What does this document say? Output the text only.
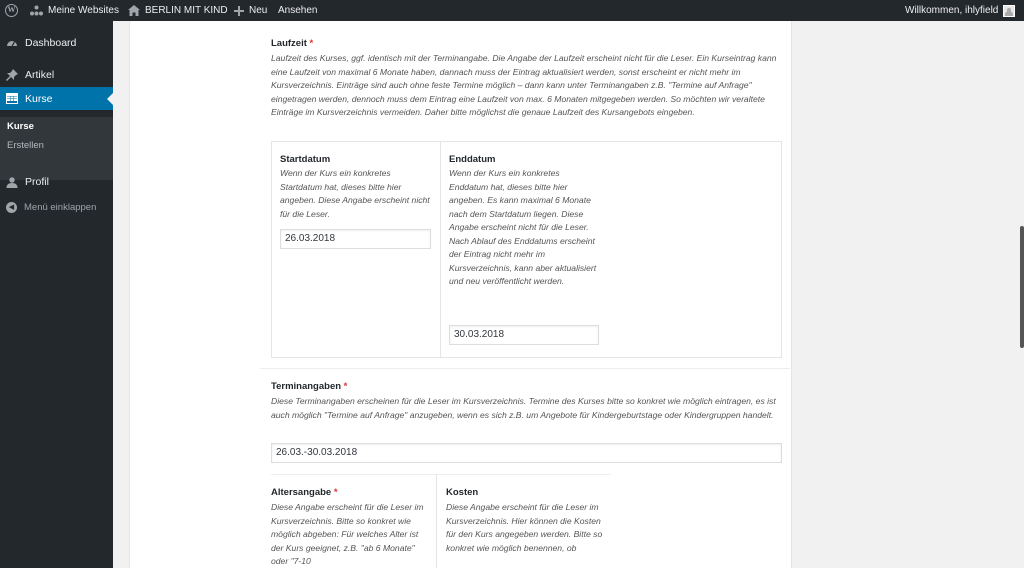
W	Meine Websites	BERLIN MIT KIND Neu Ansehen	Willkommen, ihlyfield
Dashboard
Artikel
Kurse
Kurse
Erstellen
Profil
◀ Menü einklappen
Laufzeit *
Laufzeit des Kurses, ggf. identisch mit der Terminangabe. Die Angabe der Laufzeit erscheint nicht für die Leser. Ein Kurseintrag kann eine Laufzeit von maximal 6 Monate haben, dannach muss der Eintrag aktualisiert werden, sonst erscheint er nicht mehr im Kursverzeichnis. Einträge sind auch ohne feste Termine möglich – dann kann unter Terminangaben z.B. "Termine auf Anfrage" eingetragen werden, dennoch muss dem Eintrag eine Laufzeit von max. 6 Monaten mitgegeben werden. So möchten wir veraltete Einträge im Kursverzeichnis vermeiden. Daher bitte möglichst die genaue Laufzeit des Kursangebots eingeben.
Startdatum
Wenn der Kurs ein konkretes Startdatum hat, dieses bitte hier angeben. Diese Angabe erscheint nicht für die Leser.
26.03.2018
Enddatum
Wenn der Kurs ein konkretes Enddatum hat, dieses bitte hier angeben. Es kann maximal 6 Monate nach dem Startdatum liegen. Diese Angabe erscheint nicht für die Leser. Nach Ablauf des Enddatums erscheint der Eintrag nicht mehr im Kursverzeichnis, kann aber aktualisiert und neu veröffentlicht werden.
30.03.2018
Terminangaben *
Diese Terminangaben erscheinen für die Leser im Kursverzeichnis. Termine des Kurses bitte so konkret wie möglich eintragen, es ist auch möglich "Termine auf Anfrage" anzugeben, wenn es sich z.B. um Angebote für Kindergeburtstage oder Kindergruppen handelt.
26.03.-30.03.2018
Altersangabe *
Diese Angabe erscheint für die Leser im Kursverzeichnis. Bitte so konkret wie möglich abgeben: Für welches Alter ist der Kurs geeignet, z.B. "ab 6 Monate" oder "7-10
Kosten
Diese Angabe erscheint für die Leser im Kursverzeichnis. Hier können die Kosten für den Kurs angegeben werden. Bitte so konkret wie möglich benennen, ob
